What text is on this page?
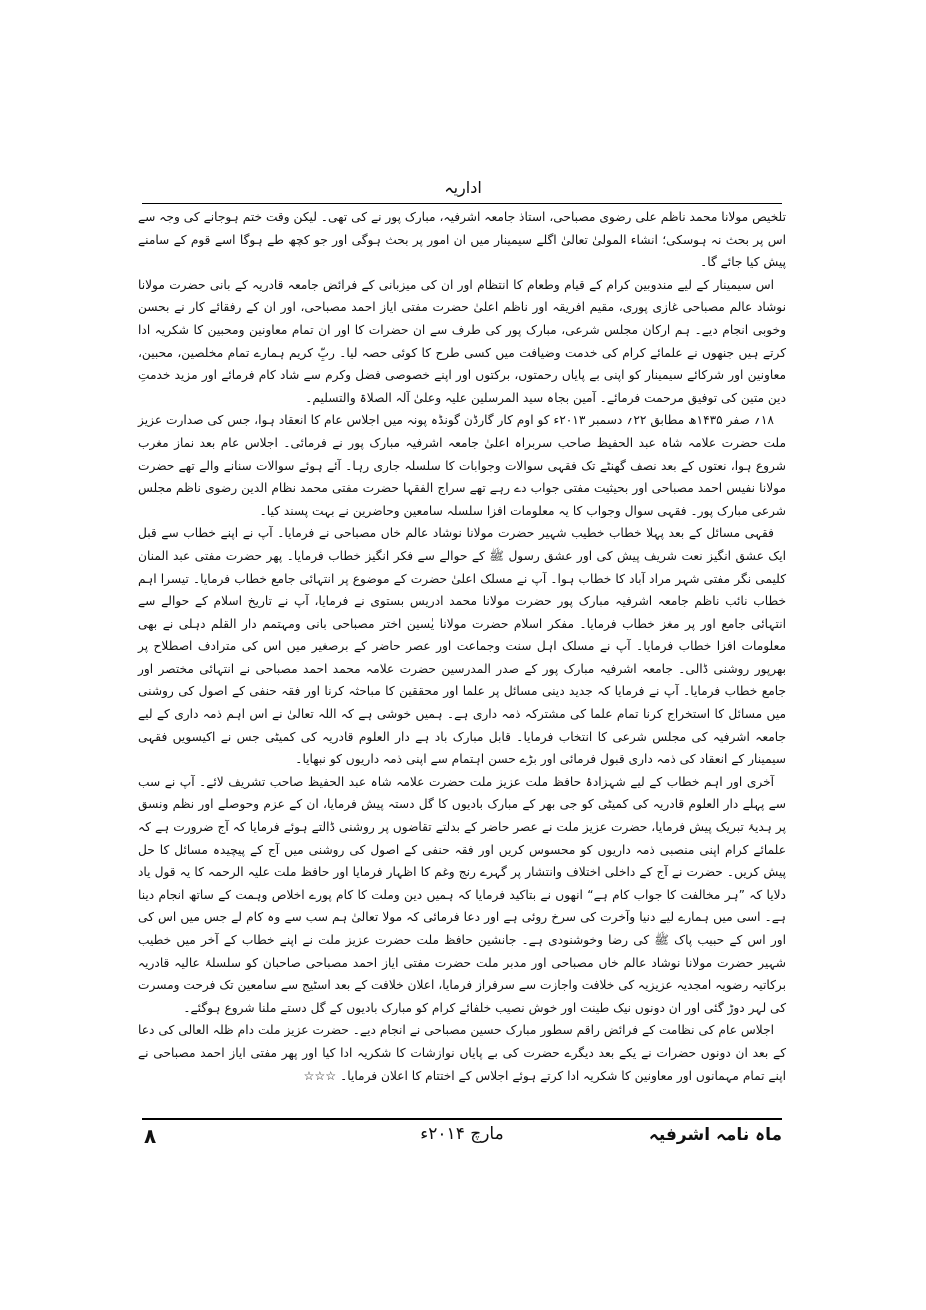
اداریہ

تلخیص مولانا محمد ناظم علی رضوی مصباحی، استاذ جامعہ اشرفیہ، مبارک پور نے کی تھی۔ لیکن وقت ختم ہوجانے کی وجہ سے اس پر بحث نہ ہوسکی؛ انشاء المولیٰ تعالیٰ اگلے سیمینار میں ان امور پر بحث ہوگی اور جو کچھ طے ہوگا اسے قوم کے سامنے پیش کیا جائے گا۔

اس سیمینار کے لیے مندوبین کرام کے قیام وطعام کا انتظام اور ان کی میزبانی کے فرائض جامعہ قادریہ کے بانی حضرت مولانا نوشاد عالم مصباحی غازی پوری، مقیم افریقہ اور ناظم اعلیٰ حضرت مفتی ایاز احمد مصباحی، اور ان کے رفقائے کار نے بحسن وخوبی انجام دیے۔ ہم ارکان مجلس شرعی، مبارک پور کی طرف سے ان حضرات کا اور ان تمام معاونین ومحبین کا شکریہ ادا کرتے ہیں جنھوں نے علمائے کرام کی خدمت وضیافت میں کسی طرح کا کوئی حصہ لیا۔ ربِّ کریم ہمارے تمام مخلصین، محبین، معاونین اور شرکائے سیمینار کو اپنی بے پایاں رحمتوں، برکتوں اور اپنے خصوصی فضل وکرم سے شاد کام فرمائے اور مزید خدمتِ دین متین کی توفیق مرحمت فرمائے۔ آمین بجاہ سید المرسلین علیہ وعلیٰ آلہ الصلاۃ والتسلیم۔

۱۸؍ صفر ۱۴۳۵ھ مطابق ۲۲؍ دسمبر ۲۰۱۳ء کو اوم کار گارڈن گونڈہ پونہ میں اجلاس عام کا انعقاد ہوا، جس کی صدارت عزیز ملت حضرت علامہ شاہ عبد الحفیظ صاحب سربراہ اعلیٰ جامعہ اشرفیہ مبارک پور نے فرمائی۔ اجلاس عام بعد نماز مغرب شروع ہوا، نعتوں کے بعد نصف گھنٹے تک فقہی سوالات وجوابات کا سلسلہ جاری رہا۔ آئے ہوئے سوالات سنانے والے تھے حضرت مولانا نفیس احمد مصباحی اور بحیثیت مفتی جواب دے رہے تھے سراج الفقہا حضرت مفتی محمد نظام الدین رضوی ناظم مجلس شرعی مبارک پور۔ فقہی سوال وجواب کا یہ معلومات افزا سلسلہ سامعین وحاضرین نے بہت پسند کیا۔

فقہی مسائل کے بعد پہلا خطاب خطیب شہیر حضرت مولانا نوشاد عالم خاں مصباحی نے فرمایا۔ آپ نے اپنے خطاب سے قبل ایک عشق انگیز نعت شریف پیش کی اور عشق رسول ﷺ کے حوالے سے فکر انگیز خطاب فرمایا۔ پھر حضرت مفتی عبد المنان کلیمی نگر مفتی شہر مراد آباد کا خطاب ہوا۔ آپ نے مسلک اعلیٰ حضرت کے موضوع پر انتہائی جامع خطاب فرمایا۔ تیسرا اہم خطاب نائب ناظم جامعہ اشرفیہ مبارک پور حضرت مولانا محمد ادریس بستوی نے فرمایا، آپ نے تاریخ اسلام کے حوالے سے انتہائی جامع اور پر مغز خطاب فرمایا۔ مفکر اسلام حضرت مولانا یٰسین اختر مصباحی بانی ومہتمم دار القلم دہلی نے بھی معلومات افزا خطاب فرمایا۔ آپ نے مسلک اہل سنت وجماعت اور عصر حاضر کے برصغیر میں اس کی مترادف اصطلاح پر بھرپور روشنی ڈالی۔ جامعہ اشرفیہ مبارک پور کے صدر المدرسین حضرت علامہ محمد احمد مصباحی نے انتہائی مختصر اور جامع خطاب فرمایا۔ آپ نے فرمایا کہ جدید دینی مسائل پر علما اور محققین کا مباحثہ کرنا اور فقہ حنفی کے اصول کی روشنی میں مسائل کا استخراج کرنا تمام علما کی مشترکہ ذمہ داری ہے۔ ہمیں خوشی ہے کہ اللہ تعالیٰ نے اس اہم ذمہ داری کے لیے جامعہ اشرفیہ کی مجلس شرعی کا انتخاب فرمایا۔ قابل مبارک باد ہے دار العلوم قادریہ کی کمیٹی جس نے اکیسویں فقہی سیمینار کے انعقاد کی ذمہ داری قبول فرمائی اور بڑے حسن اہتمام سے اپنی ذمہ داریوں کو نبھایا۔

آخری اور اہم خطاب کے لیے شہزادۂ حافظ ملت عزیز ملت حضرت علامہ شاہ عبد الحفیظ صاحب تشریف لائے۔ آپ نے سب سے پہلے دار العلوم قادریہ کی کمیٹی کو جی بھر کے مبارک بادیوں کا گل دستہ پیش فرمایا، ان کے عزم وحوصلے اور نظم ونسق پر ہدیۂ تبریک پیش فرمایا، حضرت عزیز ملت نے عصر حاضر کے بدلتے تقاضوں پر روشنی ڈالتے ہوئے فرمایا کہ آج ضرورت ہے کہ علمائے کرام اپنی منصبی ذمہ داریوں کو محسوس کریں اور فقہ حنفی کے اصول کی روشنی میں آج کے پیچیدہ مسائل کا حل پیش کریں۔ حضرت نے آج کے داخلی اختلاف وانتشار پر گہرے رنج وغم کا اظہار فرمایا اور حافظ ملت علیہ الرحمہ کا یہ قول یاد دلایا کہ ”ہر مخالفت کا جواب کام ہے“ انھوں نے بتاکید فرمایا کہ ہمیں دین وملت کا کام پورے اخلاص وہمت کے ساتھ انجام دینا ہے۔ اسی میں ہمارے لیے دنیا وآخرت کی سرخ روئی ہے اور دعا فرمائی کہ مولا تعالیٰ ہم سب سے وہ کام لے جس میں اس کی اور اس کے حبیب پاک ﷺ کی رضا وخوشنودی ہے۔ جانشین حافظ ملت حضرت عزیز ملت نے اپنے خطاب کے آخر میں خطیب شہیر حضرت مولانا نوشاد عالم خاں مصباحی اور مدبر ملت حضرت مفتی ایاز احمد مصباحی صاحبان کو سلسلۂ عالیہ قادریہ برکاتیہ رضویہ امجدیہ عزیزیہ کی خلافت واجازت سے سرفراز فرمایا، اعلان خلافت کے بعد اسٹیج سے سامعین تک فرحت ومسرت کی لہر دوڑ گئی اور ان دونوں نیک طینت اور خوش نصیب خلفائے کرام کو مبارک بادیوں کے گل دستے ملنا شروع ہوگئے۔

اجلاس عام کی نظامت کے فرائض راقم سطور مبارک حسین مصباحی نے انجام دیے۔ حضرت عزیز ملت دام ظلہ العالی کی دعا کے بعد ان دونوں حضرات نے یکے بعد دیگرے حضرت کی بے پایاں نوازشات کا شکریہ ادا کیا اور پھر مفتی ایاز احمد مصباحی نے اپنے تمام مہمانوں اور معاونین کا شکریہ ادا کرتے ہوئے اجلاس کے اختتام کا اعلان فرمایا۔ ☆☆☆

ماہ نامہ اشرفیہ
مارچ ۲۰۱۴ء
۸
